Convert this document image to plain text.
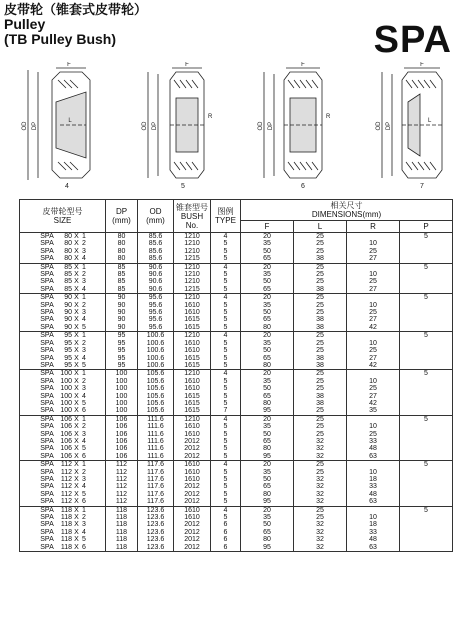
皮带轮（锥套式皮带轮）
Pulley
(TB Pulley Bush)	SPA
F
OD DP
L
4
F
OD DP
R
5
F
OD DP
R
6
F
OD DP
L
7
皮带轮型号
SIZE	DP
(mm)	OD
(mm)	锥套型号
BUSH
No.	图例
TYPE	相关尺寸
DIMENSIONS(mm)			
					F	L	R	P
SPA 80 X 1	80	85.6	1210	4	20	25		5
SPA 80 X 2	80	85.6	1210	5	35	25	10	
SPA 80 X 3	80	85.6	1210	5	50	25	25	
SPA 80 X 4	80	85.6	1215	5	65	38	27	
SPA 85 X 1	85	90.6	1210	4	20	25		5
SPA 85 X 2	85	90.6	1210	5	35	25	10	
SPA 85 X 3	85	90.6	1210	5	50	25	25	
SPA 85 X 4	85	90.6	1215	5	65	38	27	
SPA 90 X 1	90	95.6	1210	4	20	25		5
SPA 90 X 2	90	95.6	1610	5	35	25	10	
SPA 90 X 3	90	95.6	1610	5	50	25	25	
SPA 90 X 4	90	95.6	1615	5	65	38	27	
SPA 90 X 5	90	95.6	1615	5	80	38	42	
SPA 95 X 1	95	100.6	1210	4	20	25		5
SPA 95 X 2	95	100.6	1610	5	35	25	10	
SPA 95 X 3	95	100.6	1610	5	50	25	25	
SPA 95 X 4	95	100.6	1615	5	65	38	27	
SPA 95 X 5	95	100.6	1615	5	80	38	42	
SPA 100 X 1	100	105.6	1210	4	20	25		5
SPA 100 X 2	100	105.6	1610	5	35	25	10	
SPA 100 X 3	100	105.6	1610	5	50	25	25	
SPA 100 X 4	100	105.6	1615	5	65	38	27	
SPA 100 X 5	100	105.6	1615	5	80	38	42	
SPA 100 X 6	100	105.6	1615	7	95	25	35	
SPA 106 X 1	106	111.6	1210	4	20	25		5
SPA 106 X 2	106	111.6	1610	5	35	25	10	
SPA 106 X 3	106	111.6	1610	5	50	25	25	
SPA 106 X 4	106	111.6	2012	5	65	32	33	
SPA 106 X 5	106	111.6	2012	5	80	32	48	
SPA 106 X 6	106	111.6	2012	5	95	32	63	
SPA 112 X 1	112	117.6	1610	4	20	25		5
SPA 112 X 2	112	117.6	1610	5	35	25	10	
SPA 112 X 3	112	117.6	1610	5	50	32	18	
SPA 112 X 4	112	117.6	2012	5	65	32	33	
SPA 112 X 5	112	117.6	2012	5	80	32	48	
SPA 112 X 6	112	117.6	2012	5	95	32	63	
SPA 118 X 1	118	123.6	1610	4	20	25		5
SPA 118 X 2	118	123.6	1610	5	35	25	10	
SPA 118 X 3	118	123.6	2012	6	50	32	18	
SPA 118 X 4	118	123.6	2012	6	65	32	33	
SPA 118 X 5	118	123.6	2012	6	80	32	48	
SPA 118 X 6	118	123.6	2012	6	95	32	63	
